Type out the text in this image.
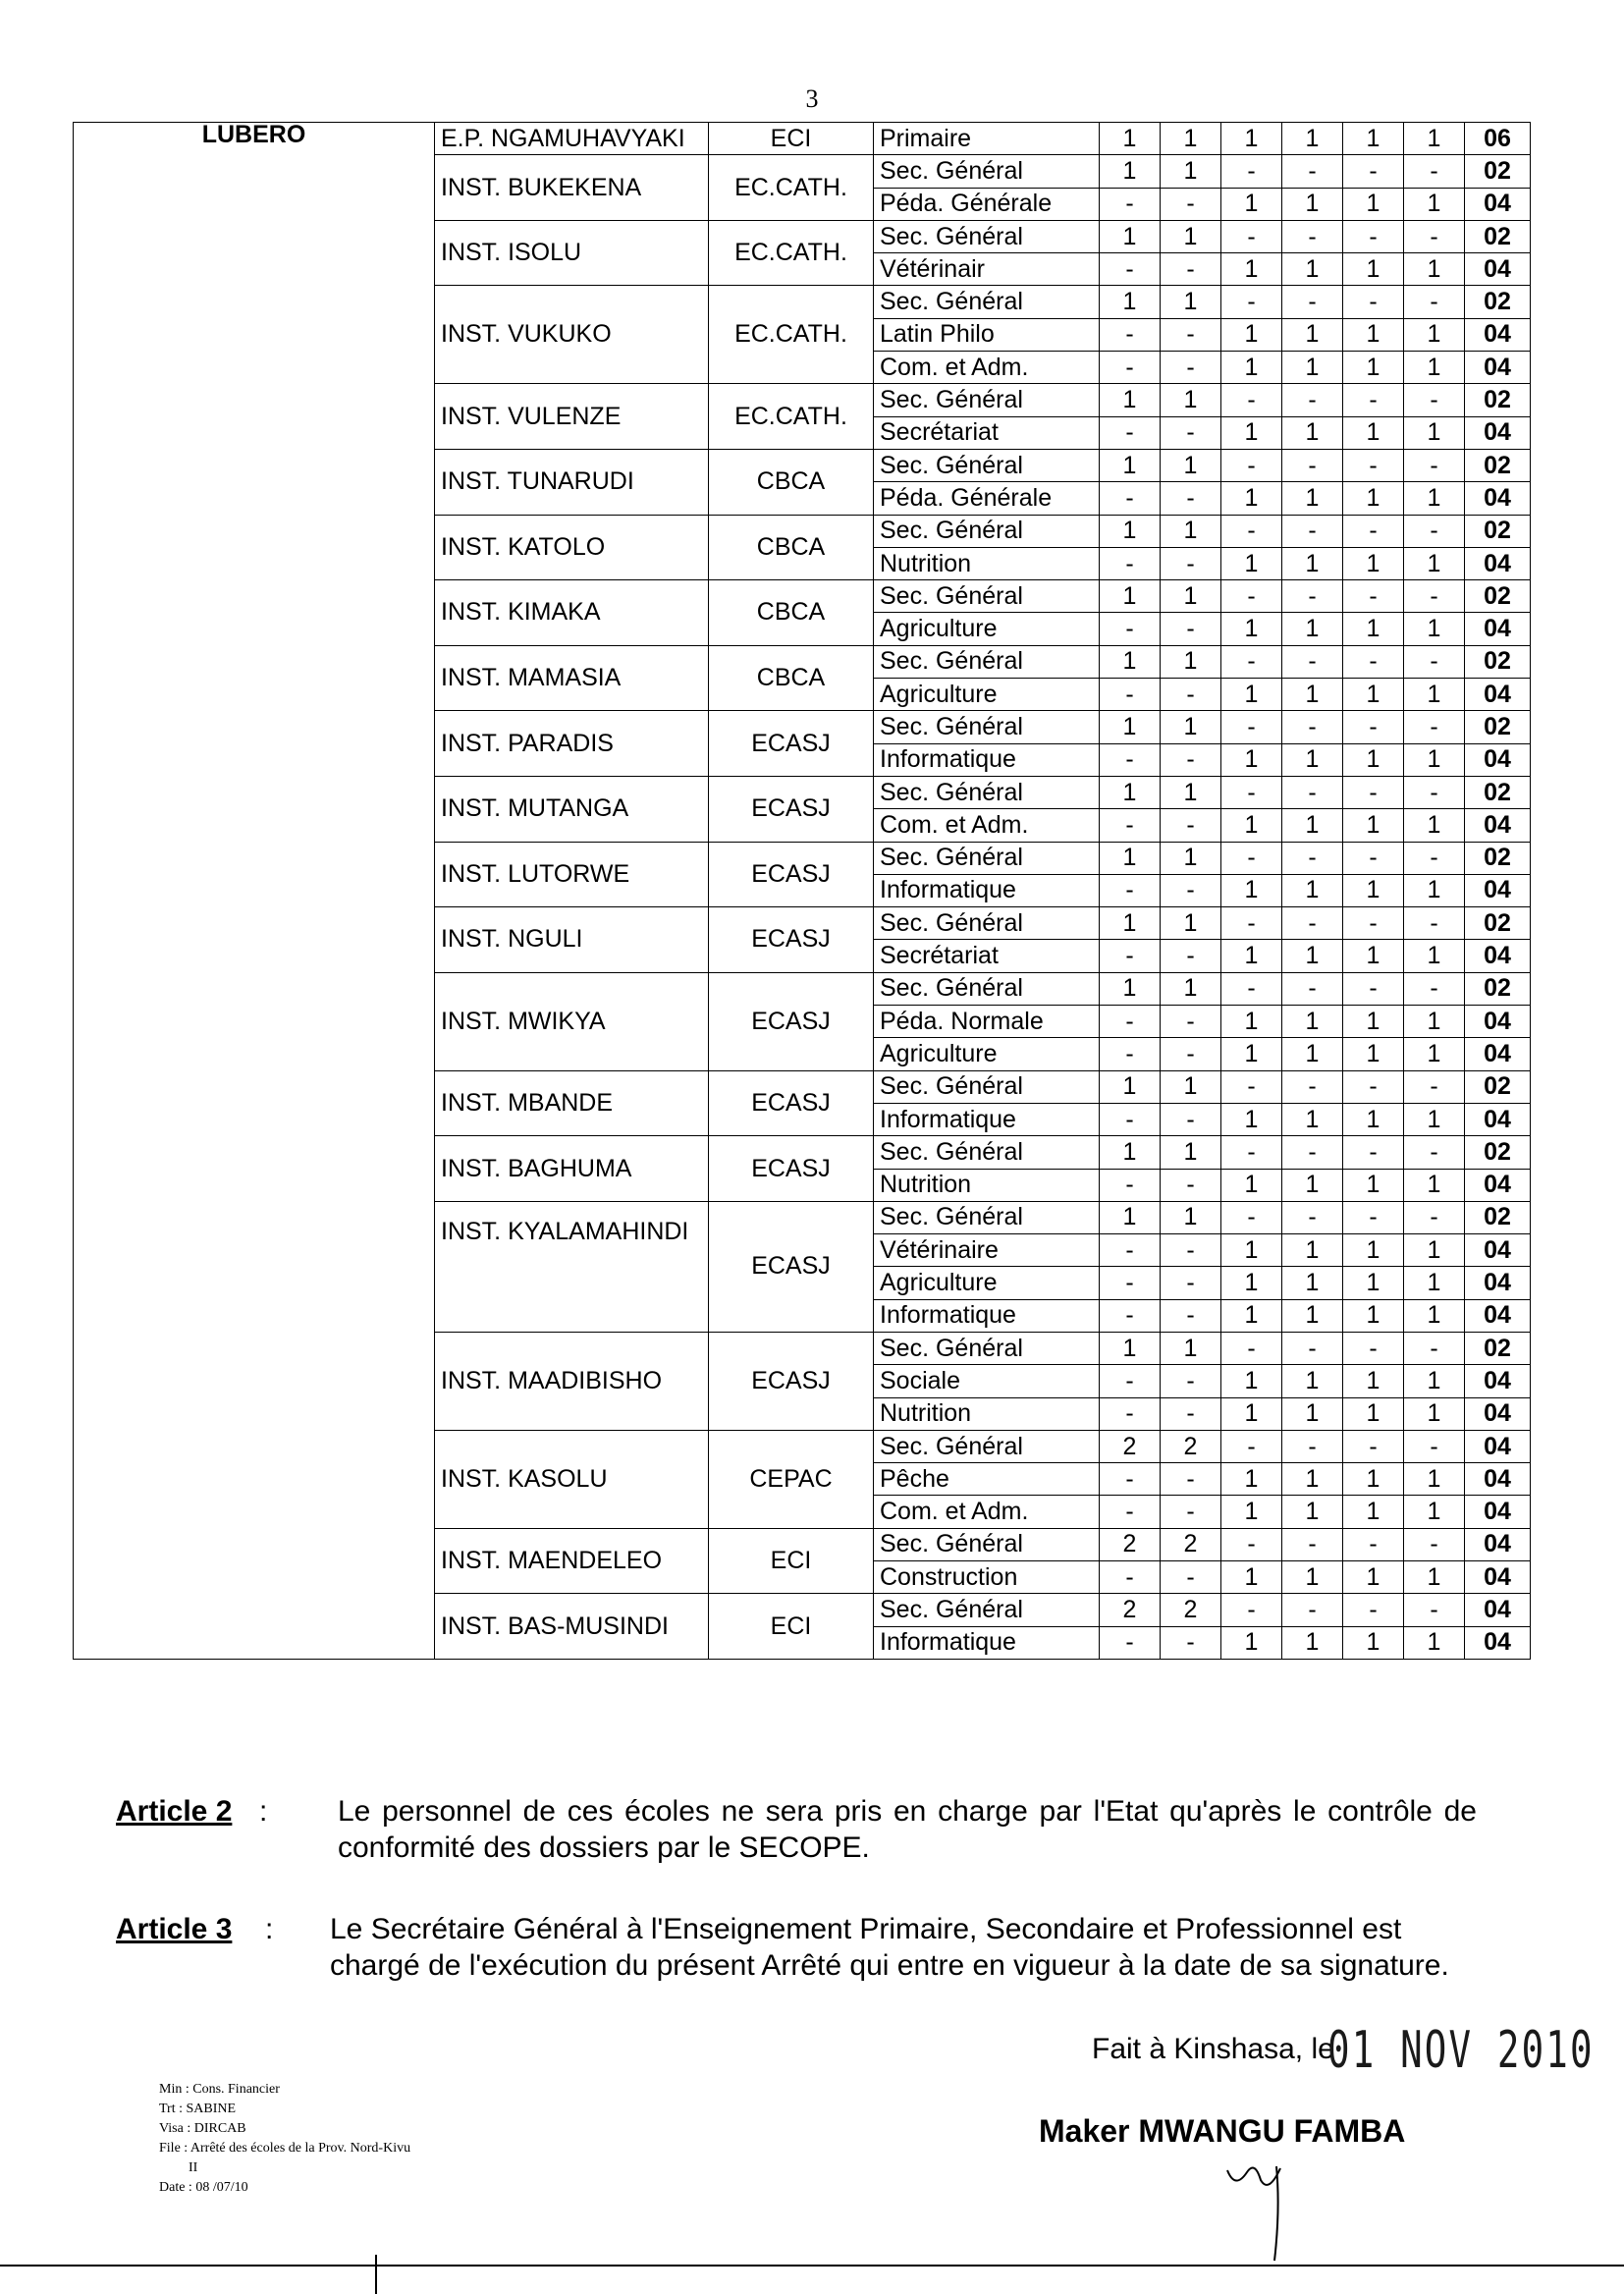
3
LUBERO	E.P. NGAMUHAVYAKI	ECI	Primaire	1	1	1	1	1	1	06
	INST. BUKEKENA	EC.CATH.	Sec. Général	1	1	-	-	-	-	02
			Péda. Générale	-	-	1	1	1	1	04
	INST. ISOLU	EC.CATH.	Sec. Général	1	1	-	-	-	-	02
			Vétérinair	-	-	1	1	1	1	04
	INST. VUKUKO	EC.CATH.	Sec. Général	1	1	-	-	-	-	02
			Latin Philo	-	-	1	1	1	1	04
			Com. et Adm.	-	-	1	1	1	1	04
	INST. VULENZE	EC.CATH.	Sec. Général	1	1	-	-	-	-	02
			Secrétariat	-	-	1	1	1	1	04
	INST. TUNARUDI	CBCA	Sec. Général	1	1	-	-	-	-	02
			Péda. Générale	-	-	1	1	1	1	04
	INST. KATOLO	CBCA	Sec. Général	1	1	-	-	-	-	02
			Nutrition	-	-	1	1	1	1	04
	INST. KIMAKA	CBCA	Sec. Général	1	1	-	-	-	-	02
			Agriculture	-	-	1	1	1	1	04
	INST. MAMASIA	CBCA	Sec. Général	1	1	-	-	-	-	02
			Agriculture	-	-	1	1	1	1	04
	INST. PARADIS	ECASJ	Sec. Général	1	1	-	-	-	-	02
			Informatique	-	-	1	1	1	1	04
	INST. MUTANGA	ECASJ	Sec. Général	1	1	-	-	-	-	02
			Com. et Adm.	-	-	1	1	1	1	04
	INST. LUTORWE	ECASJ	Sec. Général	1	1	-	-	-	-	02
			Informatique	-	-	1	1	1	1	04
	INST. NGULI	ECASJ	Sec. Général	1	1	-	-	-	-	02
			Secrétariat	-	-	1	1	1	1	04
	INST. MWIKYA	ECASJ	Sec. Général	1	1	-	-	-	-	02
			Péda. Normale	-	-	1	1	1	1	04
			Agriculture	-	-	1	1	1	1	04
	INST. MBANDE	ECASJ	Sec. Général	1	1	-	-	-	-	02
			Informatique	-	-	1	1	1	1	04
	INST. BAGHUMA	ECASJ	Sec. Général	1	1	-	-	-	-	02
			Nutrition	-	-	1	1	1	1	04
	INST. KYALAMAHINDI	ECASJ	Sec. Général	1	1	-	-	-	-	02
			Vétérinaire	-	-	1	1	1	1	04
			Agriculture	-	-	1	1	1	1	04
			Informatique	-	-	1	1	1	1	04
	INST. MAADIBISHO	ECASJ	Sec. Général	1	1	-	-	-	-	02
			Sociale	-	-	1	1	1	1	04
			Nutrition	-	-	1	1	1	1	04
	INST. KASOLU	CEPAC	Sec. Général	2	2	-	-	-	-	04
			Pêche	-	-	1	1	1	1	04
			Com. et Adm.	-	-	1	1	1	1	04
	INST. MAENDELEO	ECI	Sec. Général	2	2	-	-	-	-	04
			Construction	-	-	1	1	1	1	04
	INST. BAS-MUSINDI	ECI	Sec. Général	2	2	-	-	-	-	04
			Informatique	-	-	1	1	1	1	04
Article 2 : Le personnel de ces écoles ne sera pris en charge par l'Etat qu'après le contrôle de conformité des dossiers par le SECOPE.
Article 3 : Le Secrétaire Général à l'Enseignement Primaire, Secondaire et Professionnel est chargé de l'exécution du présent Arrêté qui entre en vigueur à la date de sa signature.
Fait à Kinshasa, le
01 NOV 2010
Maker MWANGU FAMBA
Min : Cons. Financier
Trt : SABINE
Visa : DIRCAB
File : Arrêté des écoles de la Prov. Nord-Kivu
II
Date : 08 /07/10
